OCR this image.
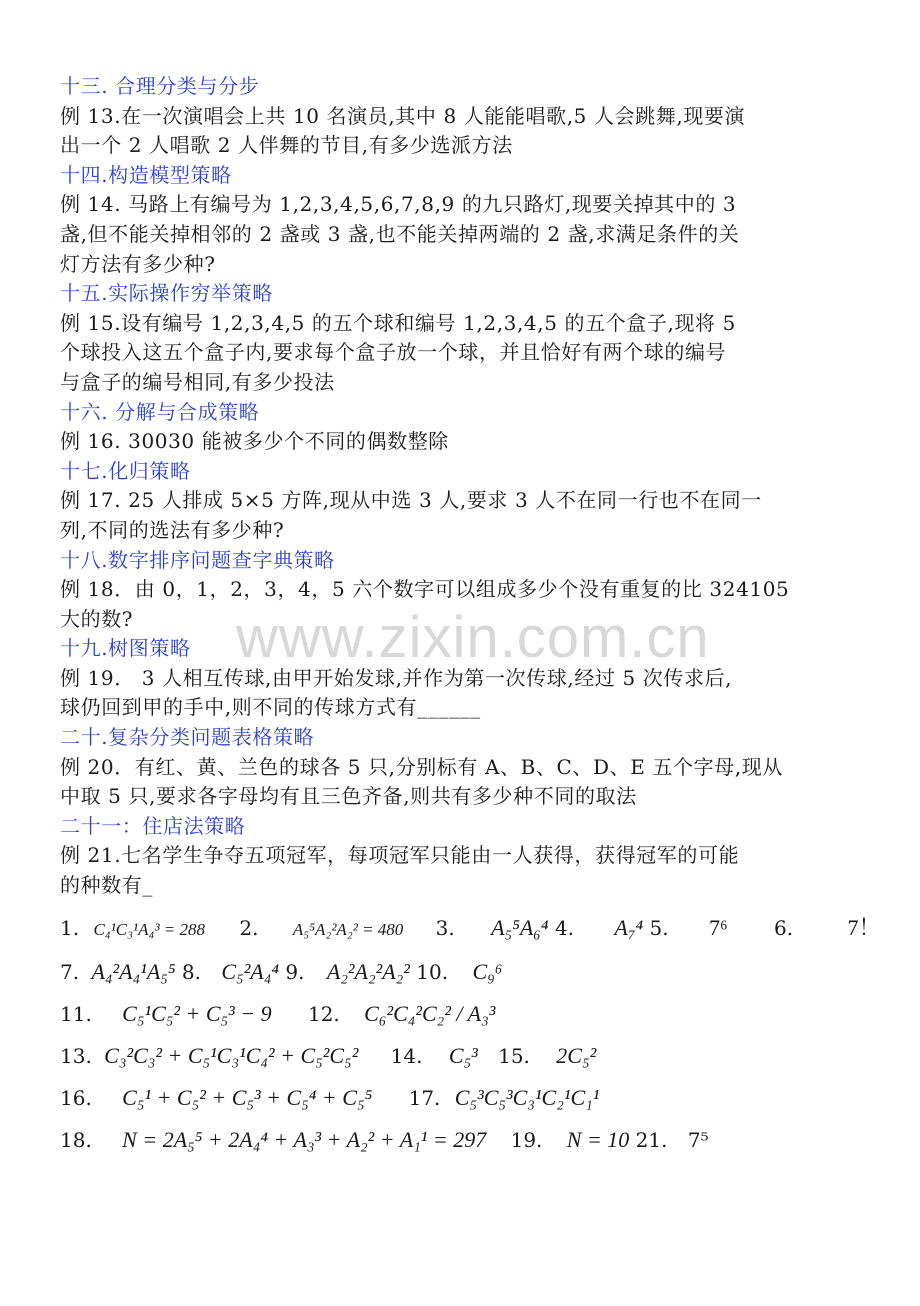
十三. 合理分类与分步
例 13.在一次演唱会上共 10 名演员,其中 8 人能能唱歌,5 人会跳舞,现要演
出一个 2 人唱歌 2 人伴舞的节目,有多少选派方法
十四.构造模型策略
例 14. 马路上有编号为 1,2,3,4,5,6,7,8,9 的九只路灯,现要关掉其中的 3
盏,但不能关掉相邻的 2 盏或 3 盏,也不能关掉两端的 2 盏,求满足条件的关
灯方法有多少种?
十五.实际操作穷举策略
例 15.设有编号 1,2,3,4,5 的五个球和编号 1,2,3,4,5 的五个盒子,现将 5
个球投入这五个盒子内,要求每个盒子放一个球，并且恰好有两个球的编号
与盒子的编号相同,有多少投法
十六. 分解与合成策略
例 16. 30030 能被多少个不同的偶数整除
十七.化归策略
例 17. 25 人排成 5×5 方阵,现从中选 3 人,要求 3 人不在同一行也不在同一
列,不同的选法有多少种?
十八.数字排序问题查字典策略
例 18．由 0，1，2，3，4，5 六个数字可以组成多少个没有重复的比 324105
大的数?
十九.树图策略
例 19． 3 人相互传球,由甲开始发球,并作为第一次传球,经过 5 次传求后,
球仍回到甲的手中,则不同的传球方式有______
二十.复杂分类问题表格策略
例 20．有红、黄、兰色的球各 5 只,分别标有 A、B、C、D、E 五个字母,现从
中取 5 只,要求各字母均有且三色齐备,则共有多少种不同的取法
二十一：住店法策略
例 21.七名学生争夺五项冠军，每项冠军只能由一人获得，获得冠军的可能
的种数有_
1. C₄¹C₃¹A₄³ = 288 2. A₅⁵A₂²A₂² = 480 3. A₅⁵A₆⁴ 4. A₇⁴ 5. 7⁶ 6. 7！
7. A₄²A₄¹A₅⁵ 8. C₅²A₄⁴ 9. A₂²A₂²A₂² 10. C₉⁶
11. C₅¹C₅² + C₅³ − 9 12. C₆²C₄²C₂² / A₃³
13. C₃²C₃² + C₅¹C₃¹C₄² + C₅²C₅² 14. C₅³ 15. 2C₅²
16. C₅¹ + C₅² + C₅³ + C₅⁴ + C₅⁵ 17. C₅³C₅³C₃¹C₂¹C₁¹
18. N = 2A₅⁵ + 2A₄⁴ + A₃³ + A₂² + A₁¹ = 297 19. N = 10 21. 7⁵
www.zixin.com.cn
